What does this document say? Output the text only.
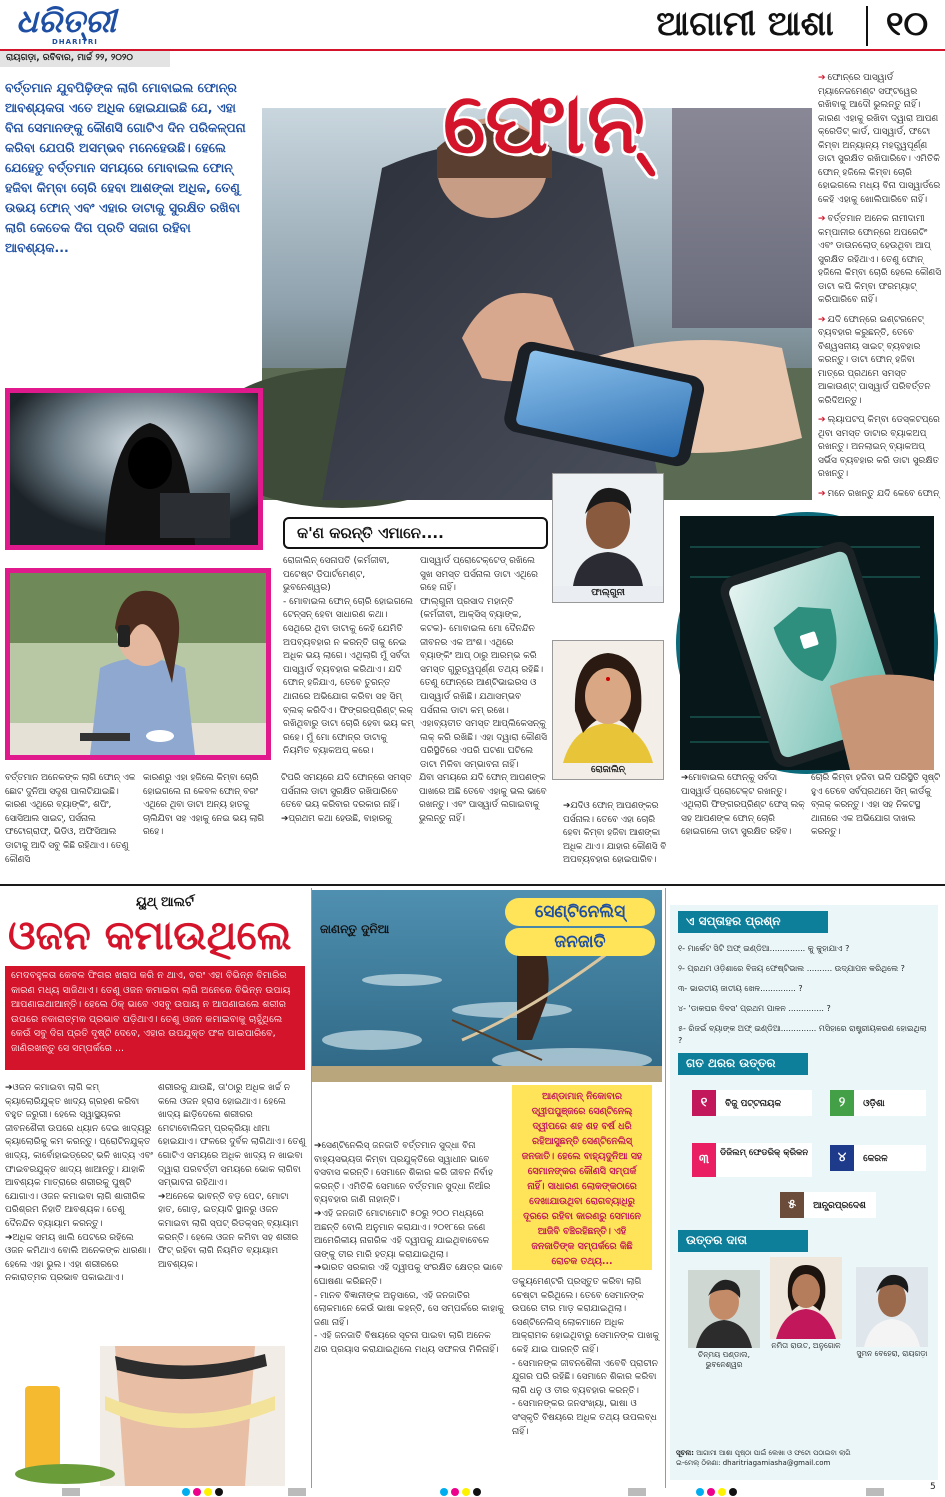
ଧରିତ୍ରୀ
DHARITRI
ରାୟଗଡ଼ା, ରବିବାର, ମାର୍ଚ୍ଚ ୨୨, ୨୦୨୦
ଆଗାମୀ ଆଶା	୧୦
ବର୍ତ୍ତମାନ ଯୁବପିଢ଼ିଙ୍କ ଲାଗି ମୋବାଇଲ ଫୋନ୍‌ର ଆବଶ୍ୟକତା ଏତେ ଅଧିକ ହୋଇଯାଇଛି ଯେ, ଏହା ବିନା ସେମାନଙ୍କୁ କୌଣସି ଗୋଟିଏ ଦିନ ପରିକଳ୍ପନା କରିବା ଯେପରି ଅସମ୍ଭବ ମନେହେଉଛି। ହେଲେ ଯେହେତୁ ବର୍ତ୍ତମାନ ସମୟରେ ମୋବାଇଲ ଫୋନ୍ ହଜିବା କିମ୍ବା ଚୋରି ହେବା ଆଶଙ୍କା ଅଧିକ, ତେଣୁ ଉଭୟ ଫୋନ୍ ଏବଂ ଏହାର ଡାଟାକୁ ସୁରକ୍ଷିତ ରଖିବା ଲାଗି କେତେକ ଦିଗ ପ୍ରତି ସଜାଗ ରହିବା ଆବଶ୍ୟକ...
ଫୋନ୍

➔	ଫୋନ୍‌ରେ ପାସ୍‌ୱାର୍ଡ ମ୍ୟାନେଜମେଣ୍ଟ ସଫ୍ଟୱେର ରଖିବାକୁ ଆଦୌ ଭୁଲନ୍ତୁ ନାହିଁ। କାରଣ ଏହାକୁ ରଖିବା ଦ୍ୱାରା ଆପଣ କ୍ରେଡିଟ୍ କାର୍ଡ, ପାସ୍‌ୱାର୍ଡ, ଫଟୋ କିମ୍ବା ଅନ୍ୟାନ୍ୟ ମହତ୍ତ୍ୱପୂର୍ଣ୍ଣ ଡାଟା ସୁରକ୍ଷିତ ରଖିପାରିବେ। ଏମିତିକି ଫୋନ୍ ହଜିଲେ କିମ୍ବା ଚୋରି ହୋଇଗଲେ ମଧ୍ୟ ବିନା ପାସ୍‌ୱାର୍ଡରେ କେହି ଏହାକୁ ଖୋଲିପାରିବେ ନାହିଁ।

➔ ବର୍ତ୍ତମାନ ଅନେକ ନାମୀଦାମୀ କମ୍ପାନୀର ଫୋନ୍‌ରେ ଅପରେଟିଂ ଏବଂ ଡାଉନଲୋଡ୍ ହେଉଥିବା ଆପ୍ ସୁରକ୍ଷିତ ରହିଥାଏ। ତେଣୁ ଫୋନ୍ ହଜିଲେ କିମ୍ବା ଚୋରି ହେଲେ କୌଣସି ଡାଟା କପି କିମ୍ବା ଫରମ୍ୟାଟ୍ କରିପାରିବେ ନାହିଁ।

➔ ଯଦି ଫୋନ୍‌ରେ ଇଣ୍ଟରନେଟ୍ ବ୍ୟବହାର କରୁଛନ୍ତି, ତେବେ ବିଶ୍ୱସନୀୟ ସାଇଟ୍ ବ୍ୟବହାର କରନ୍ତୁ। ଡାଟା ଫୋନ୍ ହଜିବା ମାତ୍ରେ ପ୍ରଥମେ ସମସ୍ତ ଆକାଉଣ୍ଟ୍ ପାସ୍‌ୱାର୍ଡ ପରିବର୍ତ୍ତନ କରିଦିଅନ୍ତୁ।

➔ ଲ୍ୟାପଟପ୍ କିମ୍ବା ଡେସ୍କଟପ୍‌ରେ ଥିବା ସମସ୍ତ ଡାଟାର ବ୍ୟାକଅପ୍ ରଖନ୍ତୁ। ଅନଲାଇନ୍ ବ୍ୟାକଅପ୍ ସର୍ଭିସ ବ୍ୟବହାର କରି ଡାଟା ସୁରକ୍ଷିତ ରଖନ୍ତୁ।

➔ ମନେ ରଖନ୍ତୁ ଯଦି କେବେ ଫୋନ୍

କ'ଣ କରନ୍ତି ଏମାନେ....
ରୋଜାଲିନ୍ ସେନାପତି (କର୍ମଜୀବୀ, ପଟେଷ୍ଟ ଡିପାର୍ଟମେଣ୍ଟ, ଭୁବନେଶ୍ୱର)
- ମୋବାଇଲ ଫୋନ୍ ଚୋରି ହୋଇଗଲେ ଟେନ୍‌ସନ୍ ହେବା ସାଧାରଣ କଥା। ସେଥିରେ ଥିବା ଡାଟାକୁ କେହି ଯେମିତି ଅପବ୍ୟବହାର ନ କରନ୍ତି ତାକୁ ନେଇ ଅଧିକ ଭୟ ଲାଗେ। ଏଥିଲାଗି ମୁଁ ସର୍ବଦା ପାସ୍‌ୱାର୍ଡ ବ୍ୟବହାର କରିଥାଏ। ଯଦି ଫୋନ୍ ହଜିଯାଏ, ତେବେ ତୁରନ୍ତ ଥାନାରେ ଅଭିଯୋଗ କରିବା ସହ ସିମ୍ ବ୍ଲକ୍ କରିଦିଏ। ଫିଙ୍ଗରପ୍ରିଣ୍ଟ୍ ଲକ୍ ରଖିଥିବାରୁ ଡାଟା ଚୋରି ହେବା ଭୟ କମ୍ ରହେ। ମୁଁ ମୋ ଫୋନ୍‌ର ଡାଟାକୁ ନିୟମିତ ବ୍ୟାକଅପ୍ କରେ।
ପାସ୍‌ୱାର୍ଡ ପ୍ରୋଟେକ୍ଟେଡ୍ ରଖିଲେ ସୁଖ ସମସ୍ତ ପର୍ସନାଲ ଡାଟା ଏଥିରେ ରହେ ନାହିଁ।
ଫାଲ୍‌ଗୁନୀ ପ୍ରସାଦ ମହାନ୍ତି (କର୍ମଜୀବୀ, ଆକ୍ସିସ୍ ବ୍ୟାଙ୍କ, କଟକ)- ମୋବାଇଲ ମୋ ଦୈନନ୍ଦିନ ଜୀବନର ଏକ ଅଂଶ। ଏଥିରେ ବ୍ୟାଙ୍କିଂ ଆପ୍ ଠାରୁ ଆରମ୍ଭ କରି ସମସ୍ତ ଗୁରୁତ୍ୱପୂର୍ଣ୍ଣ ତଥ୍ୟ ରହିଛି। ତେଣୁ ଫୋନ୍‌ରେ ଆଣ୍ଟିଭାଇରସ ଓ ପାସ୍‌ୱାର୍ଡ ରଖିଛି। ଯଥାସମ୍ଭବ ପର୍ସନାଲ ଡାଟା କମ୍ ରଖେ। ଏହାବ୍ୟତୀତ ସମସ୍ତ ଆପ୍ଲିକେସନ୍‌କୁ ଲକ୍ କରି ରଖିଛି। ଏହା ଦ୍ୱାରା କୌଣସି ପରିସ୍ଥିତିରେ ଏପରି ଘଟଣା ଘଟିଲେ ଡାଟା ମିଳିବା ସମ୍ଭାବନା ନାହିଁ।
ଫାଲ୍‌ଗୁନୀ
ରୋଜାଲିନ୍
ବର୍ତ୍ତମାନ ଅନେକଙ୍କ ଲାଗି ଫୋନ୍ ଏକ ଛୋଟ ଦୁନିଆ ସଦୃଶ ପାଲଟିଯାଇଛି। କାରଣ ଏଥିରେ ବ୍ୟାଙ୍କିଂ, ଶପିଂ, ସୋସିଆଲ ସାଇଟ୍, ପର୍ସନାଲ ଫଟୋଗ୍ରାଫ୍, ଭିଡିଓ, ଅଫିସିଆଲ ଡାଟାକୁ ଆଦି ସବୁ କିଛି ରହିଥାଏ। ତେଣୁ କୌଣସି
କାରଣରୁ ଏହା ହଜିଲେ କିମ୍ବା ଚୋରି ହୋଇଗଲେ ନା କେବଳ ଫୋନ୍ ବରଂ ଏଥିରେ ଥିବା ଡାଟା ଅନ୍ୟ ହାତକୁ ଚାଲିଯିବା ସହ ଏହାକୁ ନେଇ ଭୟ ଲାଗି ରହେ।
ଟିପରି ସମୟରେ ଯଦି ଫୋନ୍‌ରେ ସମସ୍ତ ପର୍ସନାଲ ଡାଟା ସୁରକ୍ଷିତ ରଖିପାରିବେ ତେବେ ଭୟ କରିବାର ଦରକାର ନାହିଁ। ➔ପ୍ରଥମ କଥା ହେଉଛି, ବାହାରକୁ
ଯିବା ସମୟରେ ଯଦି ଫୋନ୍ ଆପଣଙ୍କ ପାଖରେ ଅଛି ତେବେ ଏହାକୁ ଭଲ ଭାବେ ରଖନ୍ତୁ। ଏବଂ ପାସ୍‌ୱାର୍ଡ ଲଗାଇବାକୁ ଭୁଲନ୍ତୁ ନାହିଁ।
➔ଯଦିଓ ଫୋନ୍ ଆପଣଙ୍କର ପର୍ସନାଲ। ତେବେ ଏହା ଚୋରି ହେବା କିମ୍ବା ହଜିବା ଆଶଙ୍କା ଅଧିକ ଥାଏ। ଯାହାର କୌଣସି ବି ଅପବ୍ୟବହାର ହୋଇପାରିବ।
➔ମୋବାଇଲ ଫୋନ୍‌କୁ ସର୍ବଦା ପାସ୍‌ୱାର୍ଡ ପ୍ରୋଟେକ୍ଟ ରଖନ୍ତୁ। ଏଥିଲାଗି ଫିଙ୍ଗରପ୍ରିଣ୍ଟ ଫେସ୍ ଲକ୍ ସହ ଆପଣଙ୍କ ଫୋନ୍ ଚୋରି ହୋଇଗଲେ ଡାଟା ସୁରକ୍ଷିତ ରହିବ।
ଚୋରି କିମ୍ବା ହଜିବା ଭଳି ପରିସ୍ଥିତି ସୃଷ୍ଟି ହୁଏ ତେବେ ସର୍ବପ୍ରଥମେ ସିମ୍ କାର୍ଡକୁ ବ୍ଲକ୍ କରନ୍ତୁ। ଏହା ସହ ନିକଟସ୍ଥ ଥାନାରେ ଏକ ଅଭିଯୋଗ ଦାଖଲ କରନ୍ତୁ।
ୟୁଥ୍ ଆଲର୍ଟ
ଓଜନ କମାଉଥିଲେ
ମେଦବହୁଳତା କେବଳ ଫିଗର ଖରାପ କରି ନ ଥାଏ, ବରଂ ଏହା ବିଭିନ୍ନ ବିମାରିର କାରଣ ମଧ୍ୟ ସାଜିଥାଏ। ତେଣୁ ଓଜନ କମାଇବା ଲାଗି ଅନେକେ ବିଭିନ୍ନ ଉପାୟ ଆପଣାଇଥାଆନ୍ତି। ହେଲେ ଠିକ୍ ଭାବେ ଏସବୁ ଉପାୟ ନ ଆପଣାଇଲେ ଶରୀର ଉପରେ ନକାରାତ୍ମକ ପ୍ରଭାବ ପଡ଼ିଥାଏ। ତେଣୁ ଓଜନ କମାଇବାକୁ ଚାହୁଁଥିଲେ କେଉଁ ସବୁ ଦିଗ ପ୍ରତି ଦୃଷ୍ଟି ଦେବେ, ଏହାର ଉପଯୁକ୍ତ ଫଳ ପାଇପାରିବେ, ଜାଣିରଖନ୍ତୁ ସେ ସମ୍ପର୍କରେ ...
➔ଓଜନ କମାଇବା ଲାଗି କମ୍ କ୍ୟାଲୋରିଯୁକ୍ତ ଖାଦ୍ୟ ଗ୍ରହଣ କରିବା ବହୁତ ଜରୁରୀ। ହେଲେ ସ୍ୱାସ୍ଥ୍ୟକର ଜୀବନଶୈଳୀ ଉପରେ ଧ୍ୟାନ ଦେଇ ଖାଦ୍ୟରୁ କ୍ୟାଲୋରିକୁ କମ କରନ୍ତୁ। ପ୍ରୋଟିନଯୁକ୍ତ ଖାଦ୍ୟ, କାର୍ବୋହାଇଡ୍ରେଟ୍ ଭଳି ଖାଦ୍ୟ ଏବଂ ଫାଇବରଯୁକ୍ତ ଖାଦ୍ୟ ଖାଆନ୍ତୁ। ଯାହାକି ଆବଶ୍ୟକ ମାତ୍ରାରେ ଶରୀରକୁ ପୁଷ୍ଟି ଯୋଗାଏ। ଓଜନ କମାଇବା ଲାଗି ଶାରୀରିକ ପରିଶ୍ରମ ନିହାତି ଆବଶ୍ୟକ। ତେଣୁ ଦୈନନ୍ଦିନ ବ୍ୟାୟାମ କରନ୍ତୁ।
➔ଅଧିକ ସମୟ ଖାଲି ପେଟରେ ରହିଲେ ଓଜନ କମିଥାଏ ବୋଲି ଅନେକଙ୍କ ଧାରଣା। ହେଲେ ଏହା ଭୁଲ। ଏହା ଶରୀରରେ ନକାରାତ୍ମକ ପ୍ରଭାବ ପକାଇଥାଏ।
ଶରୀରକୁ ଯାଉଛି, ତା'ଠାରୁ ଅଧିକ ଖର୍ଚ୍ଚ ନ କଲେ ଓଜନ ହ୍ରାସ ହୋଇଥାଏ। ହେଲେ ଖାଦ୍ୟ ଛାଡ଼ିଦେଲେ ଶରୀରର ମେଟାବୋଲିଜମ୍ ପ୍ରକ୍ରିୟା ଧୀମା ହୋଇଯାଏ। ଫଳରେ ଦୁର୍ବଳ ଲାଗିଥାଏ। ତେଣୁ ଗୋଟିଏ ସମୟରେ ଅଧିକ ଖାଦ୍ୟ ନ ଖାଇବା ଦ୍ୱାରା ପରବର୍ତ୍ତୀ ସମୟରେ ଭୋକ ଲାଗିବା ସମ୍ଭାବନା ରହିଥାଏ।
➔ଅନେକେ ଭାବନ୍ତି ବଡ଼ ପେଟ, ମୋଟା ହାତ, ଗୋଡ଼, ଇତ୍ୟାଦି ସ୍ଥାନରୁ ଓଜନ କମାଇବା ଲାଗି ସ୍ପଟ୍ ରିଡକ୍ସନ୍ ବ୍ୟାୟାମ କରନ୍ତି। ହେଲେ ଓଜନ କମିବା ସହ ଶରୀର ଫିଟ୍ ରହିବା ଲାଗି ନିୟମିତ ବ୍ୟାୟାମ ଆବଶ୍ୟକ।
ଜାଣନ୍ତୁ ଦୁନିଆ
ସେଣ୍ଟିନେଲିସ୍
ଜନଜାତି
ଆଣ୍ଡାମାନ୍ ନିକୋବାର ଦ୍ୱୀପପୁଞ୍ଜରେ ସେଣ୍ଟିନେଲ୍ ଦ୍ୱୀପରେ ଶହ ଶହ ବର୍ଷ ଧରି ରହିଆସୁଛନ୍ତି ସେଣ୍ଟିନେଲିସ୍ ଜନଜାତି। ହେଲେ ବାହ୍ୟଦୁନିଆ ସହ ସେମାନଙ୍କର କୌଣସି ସମ୍ପର୍କ ନାହିଁ। ସାଧାରଣ ଲୋକଙ୍କଠାରେ ଦେଖାଯାଉଥିବା ରୋଗବ୍ୟାଧିରୁ ଦୂରରେ ରହିବା କାରଣରୁ ସେମାନେ ଆଜିବି ବଞ୍ଚିରହିଛନ୍ତି। ଏହି ଜନଜାତିଙ୍କ ସମ୍ପର୍କରେ କିଛି ରୋଚକ ତଥ୍ୟ...
➔ସେଣ୍ଟିନେଲିସ୍ ଜନଜାତି ବର୍ତ୍ତମାନ ସୁଦ୍ଧା ବିନା ବାହ୍ୟସଭ୍ୟତା କିମ୍ବା ପ୍ରଯୁକ୍ତିରେ ସ୍ୱାଧୀନ ଭାବେ ବସବାସ କରନ୍ତି। ସେମାନେ ଶିକାର କରି ଜୀବନ ନିର୍ବାହ କରନ୍ତି। ଏମିତିକି ସେମାନେ ବର୍ତ୍ତମାନ ସୁଦ୍ଧା ନିଆଁର ବ୍ୟବହାର ଜାଣି ନାହାନ୍ତି।
➔ଏହି ଜନଜାତି ମୋଟାମୋଟି ୫୦ରୁ ୨୦୦ ମଧ୍ୟରେ ଅଛନ୍ତି ବୋଲି ଅନୁମାନ କରାଯାଏ। ୨୦୧୮ରେ ଜଣେ ଆମେରିକୀୟ ନାଗରିକ ଏହି ଦ୍ୱୀପକୁ ଯାଇଥିବାବେଳେ ତାଙ୍କୁ ତୀର ମାରି ହତ୍ୟା କରାଯାଇଥିଲା।
➔ଭାରତ ସରକାର ଏହି ଦ୍ୱୀପକୁ ସଂରକ୍ଷିତ କ୍ଷେତ୍ର ଭାବେ ଘୋଷଣା କରିଛନ୍ତି।
- ମାନବ ବିଜ୍ଞାନୀଙ୍କ ଅନୁସାରେ, ଏହି ଜନଜାତିର ଲୋକମାନେ କେଉଁ ଭାଷା କହନ୍ତି, ସେ ସମ୍ପର୍କରେ କାହାକୁ ଜଣା ନାହିଁ।
- ଏହି ଜନଜାତି ବିଷୟରେ ସୂଚନା ପାଇବା ଲାଗି ଅନେକ ଥର ପ୍ରୟାସ କରାଯାଇଥିଲେ ମଧ୍ୟ ସଫଳତା ମିଳିନାହିଁ।
ଡକ୍ୟୁମେଣ୍ଟରି ପ୍ରସ୍ତୁତ କରିବା ଲାଗି ଚେଷ୍ଟା କରିଥିଲେ। ତେବେ ସେମାନଙ୍କ ଉପରେ ତୀର ମାଡ଼ କରାଯାଇଥିଲା। ସେଣ୍ଟିନେଲିସ୍ ଲୋକମାନେ ଅଧିକ ଆକ୍ରାମକ ହୋଇଥିବାରୁ ସେମାନଙ୍କ ପାଖକୁ କେହି ଯାଇ ପାରନ୍ତି ନାହିଁ।
- ସେମାନଙ୍କ ଜୀବନଶୈଳୀ ଏବେବି ପ୍ରାଚୀନ ଯୁଗର ପରି ରହିଛି। ସେମାନେ ଶିକାର କରିବା ଲାଗି ଧନୁ ଓ ତୀର ବ୍ୟବହାର କରନ୍ତି।
- ସେମାନଙ୍କର ଜନସଂଖ୍ୟା, ଭାଷା ଓ ସଂସ୍କୃତି ବିଷୟରେ ଅଧିକ ତଥ୍ୟ ଉପଲବ୍ଧ ନାହିଁ।
ଏ ସପ୍ତାହର ପ୍ରଶ୍ନ

୧- ମାର୍କେଟ ସିଟି ଅଫ୍ ଇଣ୍ଡିଆ.............. କୁ କୁହାଯାଏ ?

୨- ପ୍ରଥମ ଓଡ଼ିଶାରେ ବିଜୟ ଫେଷ୍ଟିଭାଲ .......... ଉଦ୍‌ଯାପନ କରିଥିଲେ ?

୩- ଭାରତୀୟ ଜାତୀୟ ଖେଳ.............. ?

୪- 'ଡାକଘର ଦିବସ' ପ୍ରଥମ ପାଳନ .............. ?

୫- ରିଜର୍ଭ ବ୍ୟାଙ୍କ ଅଫ୍ ଇଣ୍ଡିଆ.............. ମସିହାରେ ରାଷ୍ଟ୍ରୀୟକରଣ ହୋଇଥିଲା ?

ଗତ ଥରର ଉତ୍ତର
୧ ବିଜୁ ପଟ୍ଟନାୟକ	୨ ଓଡ଼ିଶା
୩	ଡିଜିଲମ୍ ଫେଡରିକ୍ କ୍ରିକନ	୪ କେରଳ
୫ ଆନ୍ଧ୍ରପ୍ରଦେଶ
ଉତ୍ତର ଦାତା
ଚିନ୍ମୟ ପଣ୍ଡାଲ, ଭୁବନେଶ୍ୱର
ନମିତା ରାଉତ, ଅନୁଗୋଳ
ସୁମନ ବେହେରା, ରାୟଗଡ଼ା
ସୂଚନା: ଆଗାମୀ ଆଶା ପୃଷ୍ଠା ପାଇଁ ଲେଖା ଓ ଫଟୋ ପଠାଇବା ଲାଗି
ଇ-ମେଲ୍ ଠିକଣା: dharitriagamiasha@gmail.com
5
